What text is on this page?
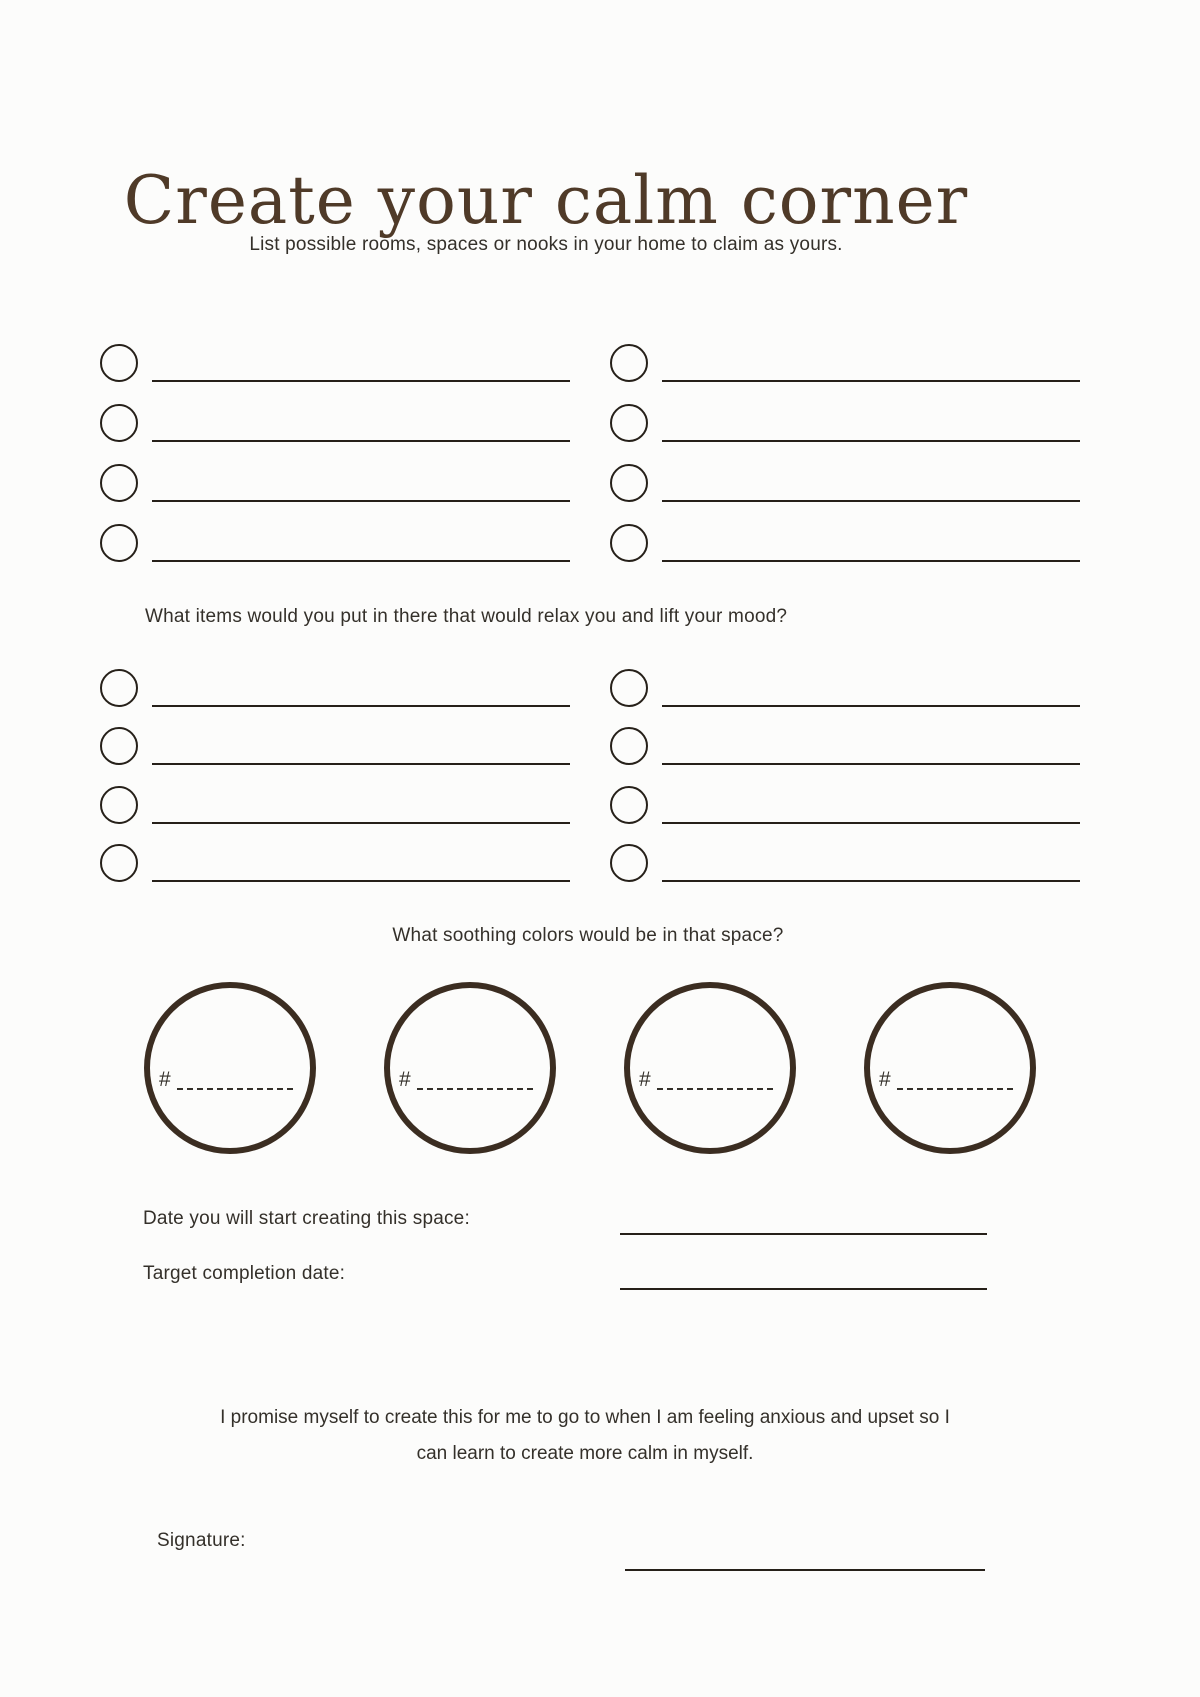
Create your calm corner
List possible rooms, spaces or nooks in your home to claim as yours.
What items would you put in there that would relax you and lift your mood?
What soothing colors would be in that space?
#	#	#	#
Date you will start creating this space:
Target completion date:
I promise myself to create this for me to go to when I am feeling anxious and upset so I
can learn to create more calm in myself.
Signature:
